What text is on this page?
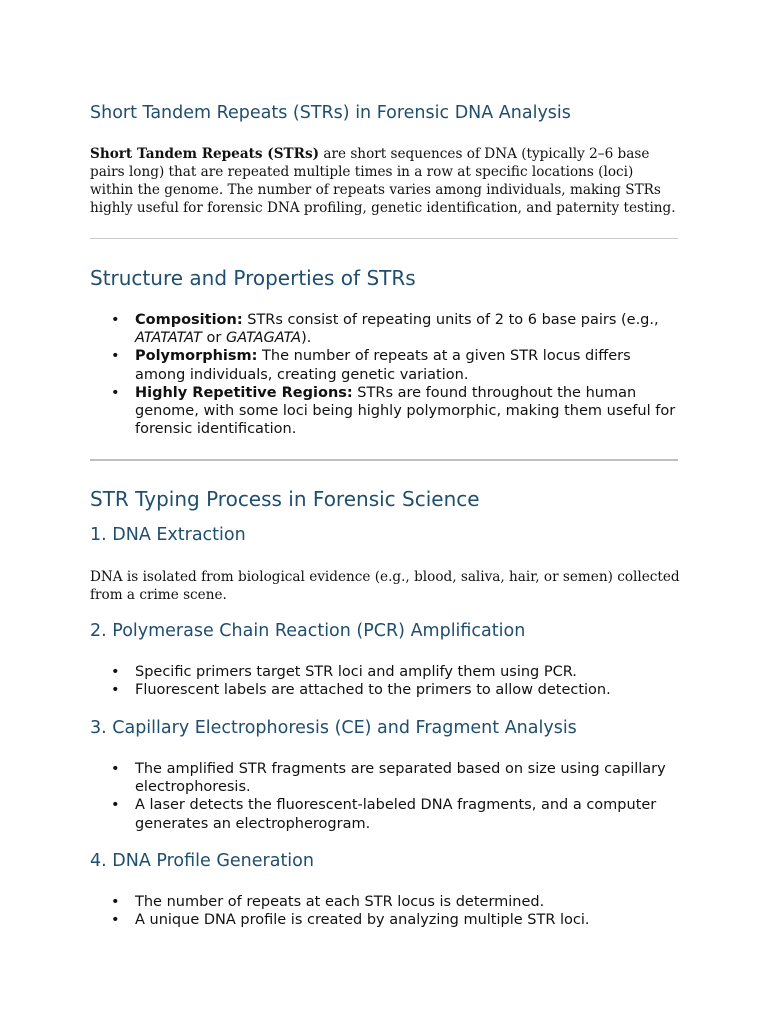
Short Tandem Repeats (STRs) in Forensic DNA Analysis

Short Tandem Repeats (STRs) are short sequences of DNA (typically 2–6 base pairs long) that are repeated multiple times in a row at specific locations (loci) within the genome. The number of repeats varies among individuals, making STRs highly useful for forensic DNA profiling, genetic identification, and paternity testing.

Structure and Properties of STRs
• Composition: STRs consist of repeating units of 2 to 6 base pairs (e.g., ATATATAT or GATAGATA).
• Polymorphism: The number of repeats at a given STR locus differs among individuals, creating genetic variation.
• Highly Repetitive Regions: STRs are found throughout the human genome, with some loci being highly polymorphic, making them useful for forensic identification.
STR Typing Process in Forensic Science
1. DNA Extraction

DNA is isolated from biological evidence (e.g., blood, saliva, hair, or semen) collected from a crime scene.

2. Polymerase Chain Reaction (PCR) Amplification
• Specific primers target STR loci and amplify them using PCR.
• Fluorescent labels are attached to the primers to allow detection.
3. Capillary Electrophoresis (CE) and Fragment Analysis
• The amplified STR fragments are separated based on size using capillary electrophoresis.
• A laser detects the fluorescent-labeled DNA fragments, and a computer generates an electropherogram.
4. DNA Profile Generation
• The number of repeats at each STR locus is determined.
• A unique DNA profile is created by analyzing multiple STR loci.
